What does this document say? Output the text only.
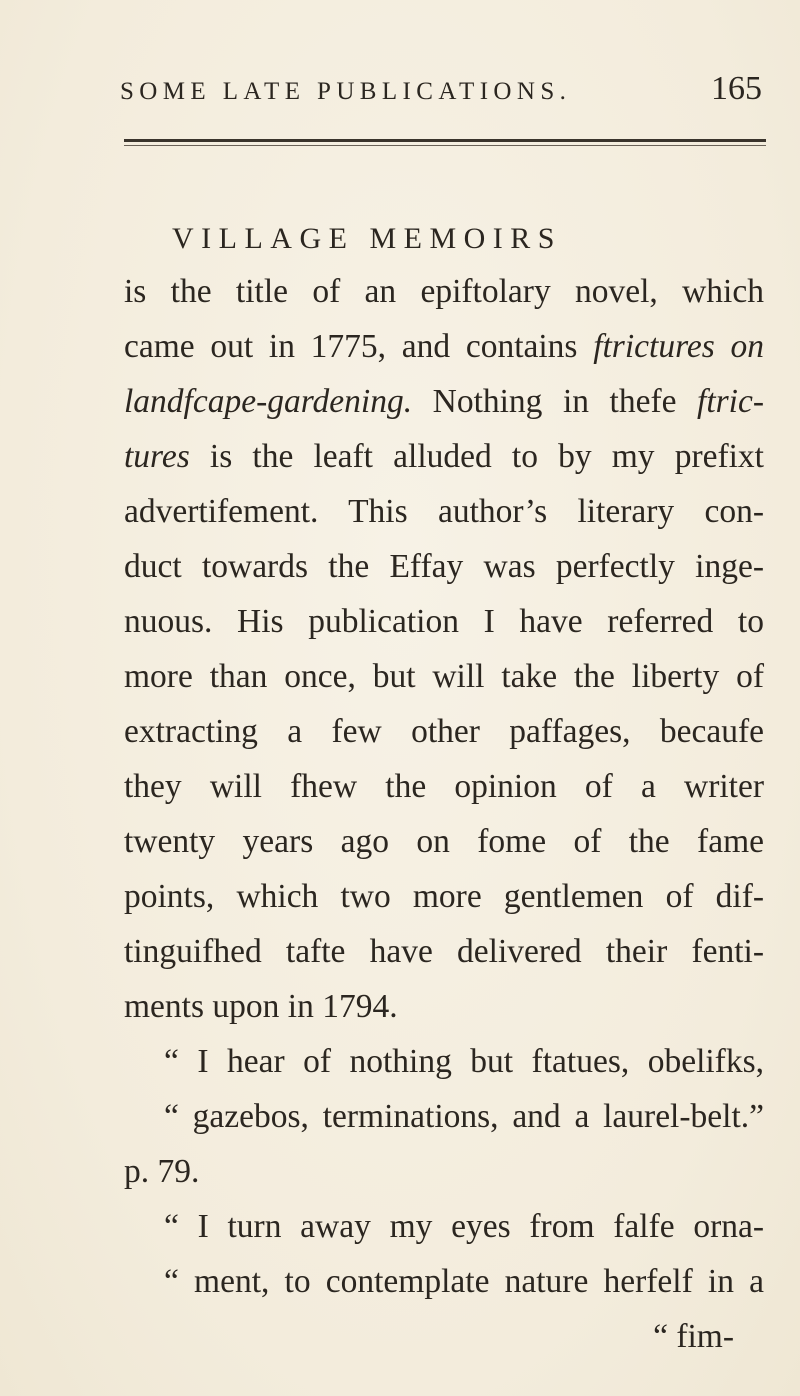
SOME LATE PUBLICATIONS.	165
VILLAGE MEMOIRS
is the title of an epiftolary novel, which
came out in 1775, and contains ftrictures on
landfcape-gardening. Nothing in thefe ftric-
tures is the leaft alluded to by my prefixt
advertifement. This author’s literary con-
duct towards the Effay was perfectly inge-
nuous. His publication I have referred to
more than once, but will take the liberty of
extracting a few other paffages, becaufe
they will fhew the opinion of a writer
twenty years ago on fome of the fame
points, which two more gentlemen of dif-
tinguifhed tafte have delivered their fenti-
ments upon in 1794.
“ I hear of nothing but ftatues, obelifks,
“ gazebos, terminations, and a laurel-belt.”
p. 79.
“ I turn away my eyes from falfe orna-
“ ment, to contemplate nature herfelf in a
“ fim-
